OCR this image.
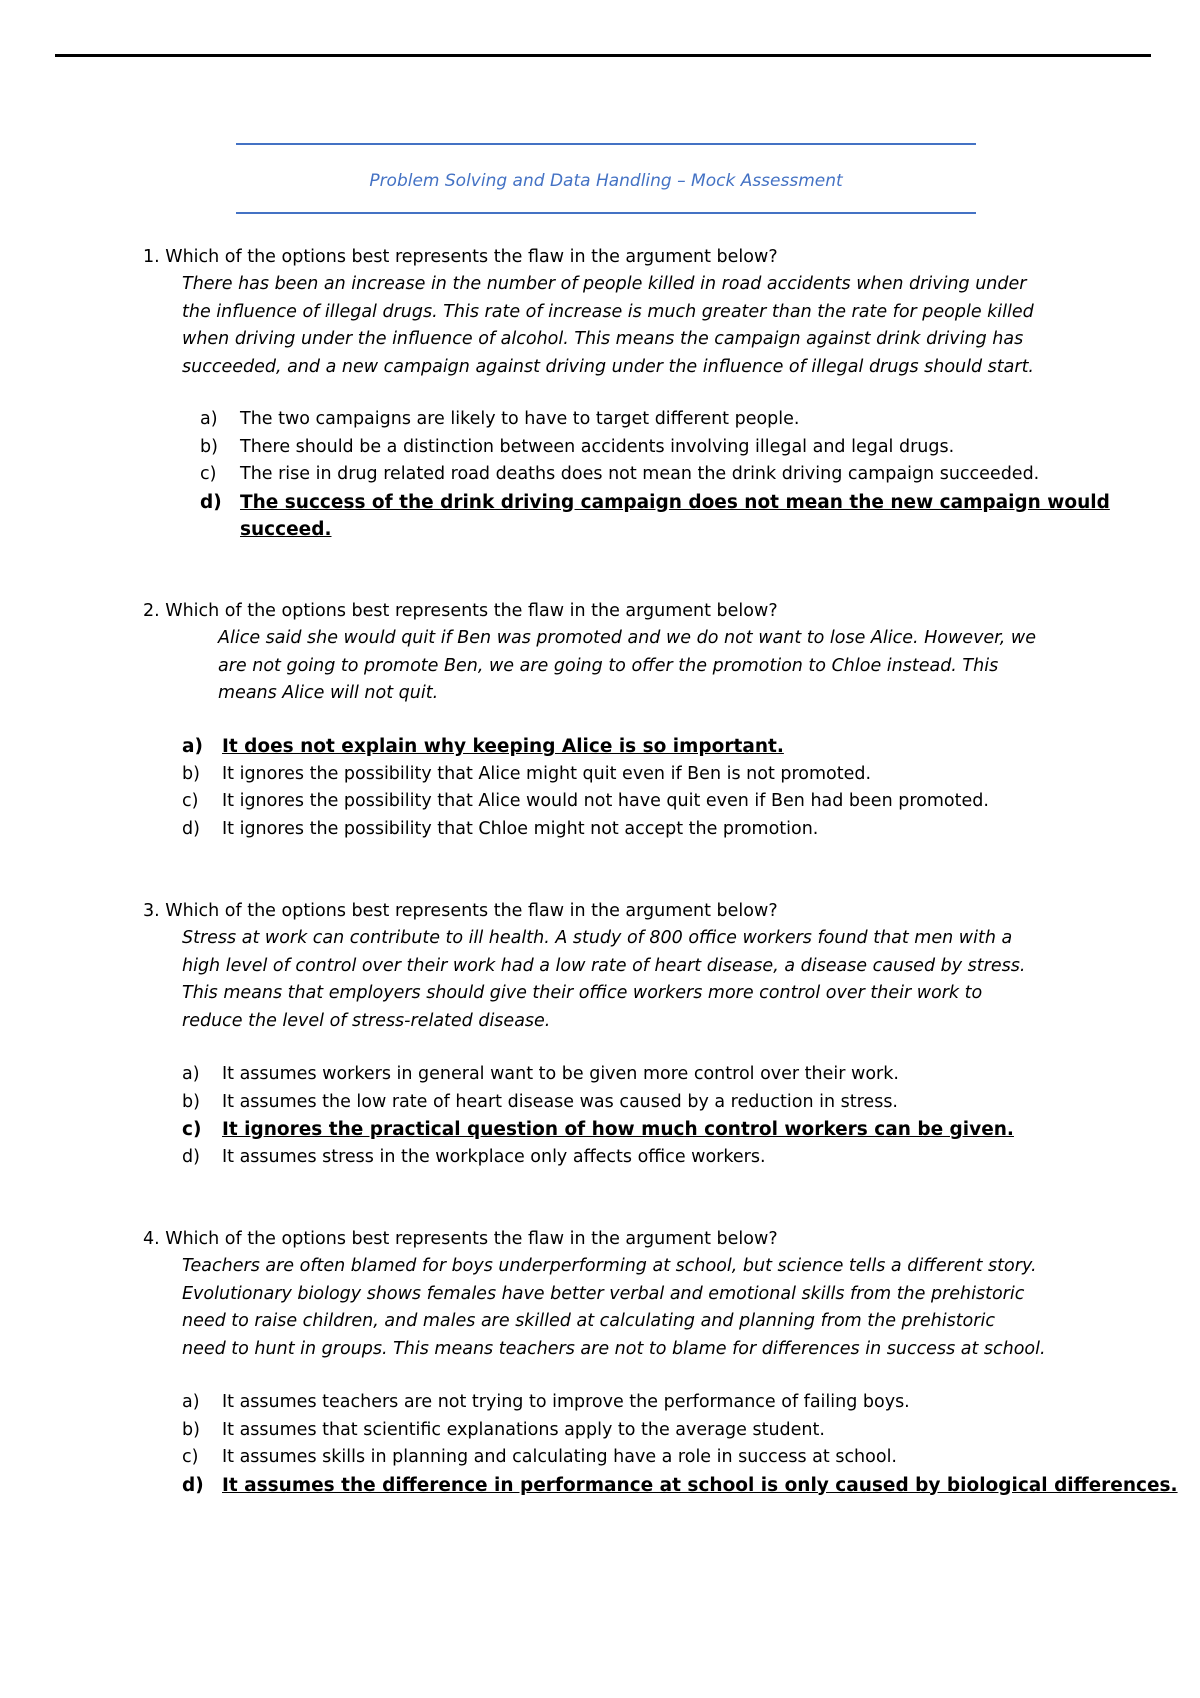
Problem Solving and Data Handling – Mock Assessment
1. Which of the options best represents the flaw in the argument below?

There has been an increase in the number of people killed in road accidents when driving under

the influence of illegal drugs. This rate of increase is much greater than the rate for people killed

when driving under the influence of alcohol. This means the campaign against drink driving has

succeeded, and a new campaign against driving under the influence of illegal drugs should start.

a)	The two campaigns are likely to have to target different people.
b)	There should be a distinction between accidents involving illegal and legal drugs.
c)	The rise in drug related road deaths does not mean the drink driving campaign succeeded.
d) The success of the drink driving campaign does not mean the new campaign would
succeed.
2. Which of the options best represents the flaw in the argument below?

Alice said she would quit if Ben was promoted and we do not want to lose Alice. However, we

are not going to promote Ben, we are going to offer the promotion to Chloe instead. This

means Alice will not quit.

a)	It does not explain why keeping Alice is so important.
b)	It ignores the possibility that Alice might quit even if Ben is not promoted.
c)	It ignores the possibility that Alice would not have quit even if Ben had been promoted.
d)	It ignores the possibility that Chloe might not accept the promotion.
3. Which of the options best represents the flaw in the argument below?

Stress at work can contribute to ill health. A study of 800 office workers found that men with a

high level of control over their work had a low rate of heart disease, a disease caused by stress.

This means that employers should give their office workers more control over their work to

reduce the level of stress-related disease.

a)	It assumes workers in general want to be given more control over their work.
b)	It assumes the low rate of heart disease was caused by a reduction in stress.
c)	It ignores the practical question of how much control workers can be given.
d)	It assumes stress in the workplace only affects office workers.
4. Which of the options best represents the flaw in the argument below?

Teachers are often blamed for boys underperforming at school, but science tells a different story.

Evolutionary biology shows females have better verbal and emotional skills from the prehistoric

need to raise children, and males are skilled at calculating and planning from the prehistoric

need to hunt in groups. This means teachers are not to blame for differences in success at school.

a)	It assumes teachers are not trying to improve the performance of failing boys.
b)	It assumes that scientific explanations apply to the average student.
c)	It assumes skills in planning and calculating have a role in success at school.
d) It assumes the difference in performance at school is only caused by biological differences.
